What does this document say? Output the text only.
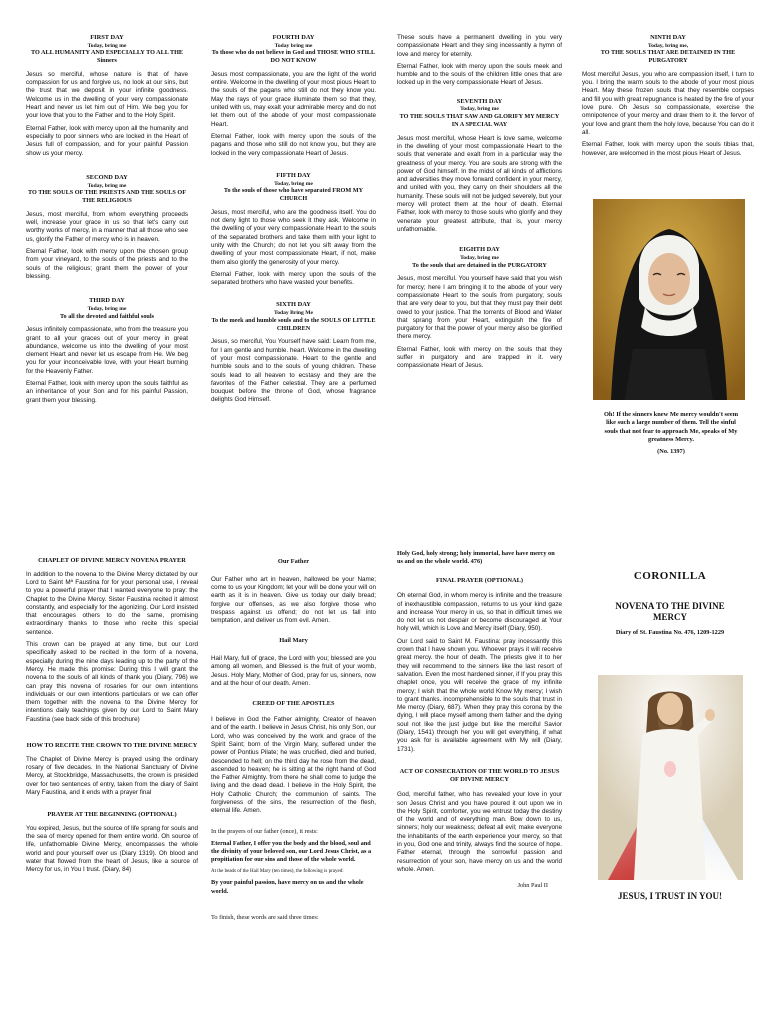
FIRST DAY
Today, bring me
TO ALL HUMANITY AND ESPECIALLY TO ALL THE Sinners

Jesus so merciful, whose nature is that of have compassion for us and forgive us, no look at our sins, but the trust that we deposit in your infinite goodness. Welcome us in the dwelling of your very compassionate Heart and never us let him out of Him. We beg you for your love that you to the Father and to the Holy Spirit.

Eternal Father, look with mercy upon all the humanity and especially to poor sinners who are locked in the Heart of Jesus full of compassion, and for your painful Passion show us your mercy.

SECOND DAY
Today, bring me
TO THE SOULS OF THE PRIESTS AND THE SOULS OF THE RELIGIOUS

Jesus, most merciful, from whom everything proceeds well, increase your grace in us so that let's carry out worthy works of mercy, in a manner that all those who see us, glorify the Father of mercy who is in heaven.

Eternal Father, look with mercy upon the chosen group from your vineyard, to the souls of the priests and to the souls of the religious; grant them the power of your blessing.

THIRD DAY
Today, bring me
To all the devoted and faithful souls

Jesus infinitely compassionate, who from the treasure you grant to all your graces out of your mercy in great abundance, welcome us into the dwelling of your most clement Heart and never let us escape from He. We beg you for your inconceivable love, with your Heart burning for the Heavenly Father.

Eternal Father, look with mercy upon the souls faithful as an inheritance of your Son and for his painful Passion, grant them your blessing.

FOURTH DAY
Today bring me
To those who do not believe in God and THOSE WHO STILL DO NOT KNOW

Jesus most compassionate, you are the light of the world entire. Welcome in the dwelling of your most pious Heart to the souls of the pagans who still do not they know you. May the rays of your grace illuminate them so that they, united with us, may exalt your admirable mercy and do not let them out of the abode of your most compassionate Heart.

Eternal Father, look with mercy upon the souls of the pagans and those who still do not know you, but they are locked in the very compassionate Heart of Jesus.

FIFTH DAY
Today, bring me
To the souls of those who have separated FROM MY CHURCH

Jesus, most merciful, who are the goodness itself. You do not deny light to those who seek it they ask. Welcome in the dwelling of your very compassionate Heart to the souls of the separated brothers and take them with your light to unity with the Church; do not let you sift away from the dwelling of your most compassionate Heart, if not, make them also glorify the generosity of your mercy.

Eternal Father, look with mercy upon the souls of the separated brothers who have wasted your benefits.

SIXTH DAY
Today Bring Me
To the meek and humble souls and to the SOULS OF LITTLE CHILDREN

Jesus, so merciful, You Yourself have said: Learn from me, for I am gentle and humble. heart. Welcome in the dwelling of your most compassionate. Heart to the gentle and humble souls and to the souls of young children. These souls lead to all heaven to ecstasy and they are the favorites of the Father celestial. They are a perfumed bouquet before the throne of God, whose fragrance delights God Himself.

These souls have a permanent dwelling in you very compassionate Heart and they sing incessantly a hymn of love and mercy for eternity.

Eternal Father, look with mercy upon the souls meek and humble and to the souls of the children little ones that are locked up in the very compassionate Heart of Jesus.

SEVENTH DAY
Today, bring me
TO THE SOULS THAT SAW AND GLORIFY MY MERCY IN A SPECIAL WAY

Jesus most merciful, whose Heart is love same, welcome in the dwelling of your most compassionate Heart to the souls that venerate and exalt from in a particular way the greatness of your mercy. You are souls are strong with the power of God himself. In the midst of all kinds of afflictions and adversities they move forward confident in your mercy, and united with you, they carry on their shoulders all the humanity. These souls will not be judged severely, but your mercy will protect them at the hour of death. Eternal Father, look with mercy to those souls who glorify and they venerate your greatest attribute, that is, your mercy unfathomable.

EIGHTH DAY
Today, bring me
To the souls that are detained in the PURGATORY

Jesus, most merciful. You yourself have said that you wish for mercy; here I am bringing it to the abode of your very compassionate Heart to the souls from purgatory, souls that are very dear to you, but that they must pay their debt owed to your justice. That the torrents of Blood and Water that sprang from your Heart, extinguish the fire of purgatory for that the power of your mercy also be glorified there mercy.

Eternal Father, look with mercy on the souls that they suffer in purgatory and are trapped in it. very compassionate Heart of Jesus.

NINTH DAY
Today, bring me,
TO THE SOULS THAT ARE DETAINED IN THE PURGATORY

Most merciful Jesus, you who are compassion itself, I turn to you. I bring the warm souls to the abode of your most pious Heart. May these frozen souls that they resemble corpses and fill you with great repugnance is heated by the fire of your love pure. Oh Jesus so compassionate, exercise the omnipotence of your mercy and draw them to it. the fervor of your love and grant them the holy love, because You can do it all.

Eternal Father, look with mercy upon the souls tibias that, however, are welcomed in the most pious Heart of Jesus.

Oh! If the sinners knew Me mercy wouldn't seem like such a large number of them. Tell the sinful souls that not fear to approach Me, speaks of My greatness Mercy.
(No. 1397)
CHAPLET OF DIVINE MERCY NOVENA PRAYER

In addition to the novena to the Divine Mercy dictated by our Lord to Saint Mª Faustina for for your personal use, I reveal to you a powerful prayer that I wanted everyone to pray: the Chaplet to the Divine Mercy. Sister Faustina recited it almost constantly, and especially for the agonizing. Our Lord insisted that encourages others to do the same, promising extraordinary thanks to those who recite this special sentence.

This crown can be prayed at any time, but our Lord specifically asked to be recited in the form of a novena, especially during the nine days leading up to the party of the Mercy. He made this promise: During this I will grant the novena to the souls of all kinds of thank you (Diary, 796) we can pray this novena of rosaries for our own intentions individuals or our own intentions particulars or we can offer them together with the novena to the Divine Mercy for intentions daily teachings given by our Lord to Saint Mary Faustina (see back side of this brochure)

HOW TO RECITE THE CROWN TO THE DIVINE MERCY

The Chaplet of Divine Mercy is prayed using the ordinary rosary of five decades. In the National Sanctuary of Divine Mercy, at Stockbridge, Massachusetts, the crown is presided over for two sentences of entry, taken from the diary of Saint Mary Faustina, and it ends with a prayer final

PRAYER AT THE BEGINNING (OPTIONAL)

You expired, Jesus, but the source of life sprang for souls and the sea of mercy opened for them entire world. Oh source of life, unfathomable Divine Mercy, encompasses the whole world and pour yourself over us (Diary 1319). Oh blood and water that flowed from the heart of Jesus, like a source of Mercy for us, in You I trust. (Diary, 84)

Our Father

Our Father who art in heaven, hallowed be your Name; come to us your Kingdom; let your will be done your will on earth as it is in heaven. Give us today our daily bread; forgive our offenses, as we also forgive those who trespass against us offend; do not let us fall into temptation, and deliver us from evil. Amen.

Hail Mary

Hail Mary, full of grace, the Lord with you; blessed are you among all women, and Blessed is the fruit of your womb, Jesus. Holy Mary, Mother of God, pray for us, sinners, now and at the hour of our death. Amen.

CREED OF THE APOSTLES

I believe in God the Father almighty, Creator of heaven and of the earth. I believe in Jesus Christ, his only Son, our Lord, who was conceived by the work and grace of the Spirit Saint; born of the Virgin Mary, suffered under the power of Pontius Pilate; he was crucified, died and buried, descended to hell; on the third day he rose from the dead, ascended to heaven; he is sitting at the right hand of God the Father Almighty. from there he shall come to judge the living and the dead dead. I believe in the Holy Spirit, the Holy Catholic Church; the communion of saints. The forgiveness of the sins, the resurrection of the flesh, eternal life. Amen.

In the prayers of our father (once), it rests:

Eternal Father, I offer you the body and the blood, soul and the divinity of your beloved son, our Lord Jesus Christ, as a propitiation for our sins and those of the whole world.

At the beads of the Hail Mary (ten times), the following is prayed:

By your painful passion, have mercy on us and the whole world.

To finish, these words are said three times:

Holy God, holy strong; holy immortal, have have mercy on us and on the whole world. 476)

FINAL PRAYER (OPTIONAL)

Oh eternal God, in whom mercy is infinite and the treasure of inexhaustible compassion, returns to us your kind gaze and increase Your mercy in us, so that in difficult times we do not let us not despair or become discouraged at Your holy will, which is Love and Mercy itself (Diary, 950).

Our Lord said to Saint M. Faustina: pray incessantly this crown that I have shown you. Whoever prays it will receive great mercy. the hour of death. The priests give it to her they will recommend to the sinners like the last resort of salvation. Even the most hardened sinner, if If you pray this chaplet once, you will receive the grace of my infinite mercy; I wish that the whole world Know My mercy; I wish to grant thanks. incomprehensible to the souls that trust in Me mercy (Diary, 687). When they pray this corona by the dying, I will place myself among them father and the dying soul not like the just judge but like the merciful Savior (Diary, 1541) through her you will get everything, if what you ask for is available agreement with My will (Diary, 1731).

ACT OF CONSECRATION OF THE WORLD TO JESUS OF DIVINE MERCY

God, merciful father, who has revealed your love in your son Jesus Christ and you have poured it out upon we in the Holy Spirit, comforter, you we entrust today the destiny of the world and of everything man. Bow down to us, sinners; holy our weakness; defeat all evil; make everyone the inhabitants of the earth experience your mercy, so that in you, God one and trinity, always find the source of hope. Father eternal, through the sorrowful passion and resurrection of your son, have mercy on us and the world whole. Amen.

John Paul II
CORONILLA
NOVENA TO THE DIVINE MERCY
Diary of St. Faustina No. 476, 1209-1229
JESUS, I TRUST IN YOU!
